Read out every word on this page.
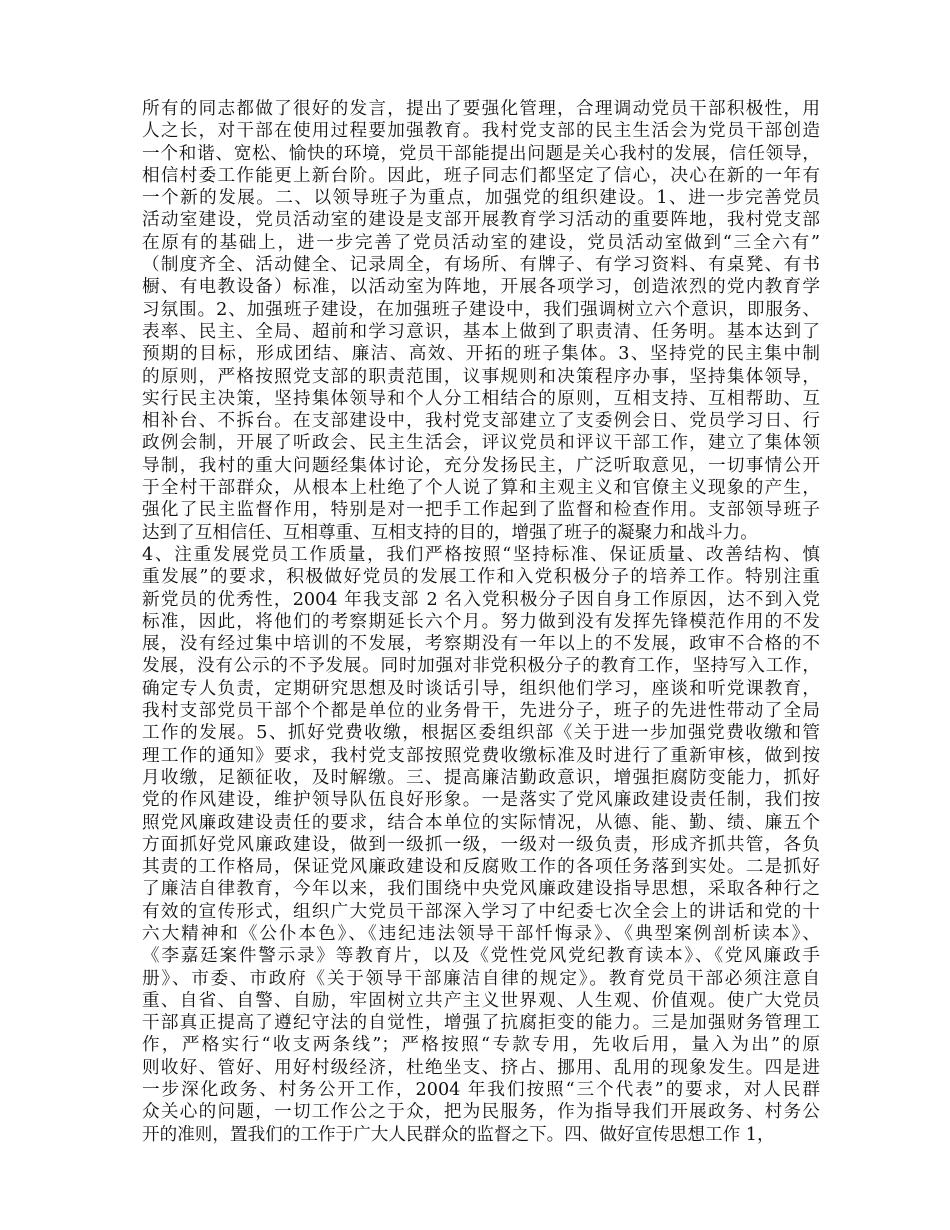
所有的同志都做了很好的发言，提出了要强化管理，合理调动党员干部积极性，用
人之长，对干部在使用过程要加强教育。我村党支部的民主生活会为党员干部创造
一个和谐、宽松、愉快的环境，党员干部能提出问题是关心我村的发展，信任领导，
相信村委工作能更上新台阶。因此，班子同志们都坚定了信心，决心在新的一年有
一个新的发展。二、以领导班子为重点，加强党的组织建设。1、进一步完善党员
活动室建设，党员活动室的建设是支部开展教育学习活动的重要阵地，我村党支部
在原有的基础上，进一步完善了党员活动室的建设，党员活动室做到“三全六有”
（制度齐全、活动健全、记录周全，有场所、有牌子、有学习资料、有桌凳、有书
橱、有电教设备）标准，以活动室为阵地，开展各项学习，创造浓烈的党内教育学
习氛围。2、加强班子建设，在加强班子建设中，我们强调树立六个意识，即服务、
表率、民主、全局、超前和学习意识，基本上做到了职责清、任务明。基本达到了
预期的目标，形成团结、廉洁、高效、开拓的班子集体。3、坚持党的民主集中制
的原则，严格按照党支部的职责范围，议事规则和决策程序办事，坚持集体领导，
实行民主决策，坚持集体领导和个人分工相结合的原则，互相支持、互相帮助、互
相补台、不拆台。在支部建设中，我村党支部建立了支委例会日、党员学习日、行
政例会制，开展了听政会、民主生活会，评议党员和评议干部工作，建立了集体领
导制，我村的重大问题经集体讨论，充分发扬民主，广泛听取意见，一切事情公开
于全村干部群众，从根本上杜绝了个人说了算和主观主义和官僚主义现象的产生，
强化了民主监督作用，特别是对一把手工作起到了监督和检查作用。支部领导班子
达到了互相信任、互相尊重、互相支持的目的，增强了班子的凝聚力和战斗力。
4、注重发展党员工作质量，我们严格按照“坚持标准、保证质量、改善结构、慎
重发展”的要求，积极做好党员的发展工作和入党积极分子的培养工作。特别注重
新党员的优秀性，2004 年我支部 2 名入党积极分子因自身工作原因，达不到入党
标准，因此，将他们的考察期延长六个月。努力做到没有发挥先锋模范作用的不发
展，没有经过集中培训的不发展，考察期没有一年以上的不发展，政审不合格的不
发展，没有公示的不予发展。同时加强对非党积极分子的教育工作，坚持写入工作，
确定专人负责，定期研究思想及时谈话引导，组织他们学习，座谈和听党课教育，
我村支部党员干部个个都是单位的业务骨干，先进分子，班子的先进性带动了全局
工作的发展。5、抓好党费收缴，根据区委组织部《关于进一步加强党费收缴和管
理工作的通知》要求，我村党支部按照党费收缴标准及时进行了重新审核，做到按
月收缴，足额征收，及时解缴。三、提高廉洁勤政意识，增强拒腐防变能力，抓好
党的作风建设，维护领导队伍良好形象。一是落实了党风廉政建设责任制，我们按
照党风廉政建设责任的要求，结合本单位的实际情况，从德、能、勤、绩、廉五个
方面抓好党风廉政建设，做到一级抓一级，一级对一级负责，形成齐抓共管，各负
其责的工作格局，保证党风廉政建设和反腐败工作的各项任务落到实处。二是抓好
了廉洁自律教育，今年以来，我们围绕中央党风廉政建设指导思想，采取各种行之
有效的宣传形式，组织广大党员干部深入学习了中纪委七次全会上的讲话和党的十
六大精神和《公仆本色》、《违纪违法领导干部忏悔录》、《典型案例剖析读本》、
《李嘉廷案件警示录》等教育片，以及《党性党风党纪教育读本》、《党风廉政手
册》、市委、市政府《关于领导干部廉洁自律的规定》。教育党员干部必须注意自
重、自省、自警、自励，牢固树立共产主义世界观、人生观、价值观。使广大党员
干部真正提高了遵纪守法的自觉性，增强了抗腐拒变的能力。三是加强财务管理工
作，严格实行“收支两条线”；严格按照“专款专用，先收后用，量入为出”的原
则收好、管好、用好村级经济，杜绝坐支、挤占、挪用、乱用的现象发生。四是进
一步深化政务、村务公开工作，2004 年我们按照“三个代表”的要求，对人民群
众关心的问题，一切工作公之于众，把为民服务，作为指导我们开展政务、村务公
开的准则，置我们的工作于广大人民群众的监督之下。四、做好宣传思想工作 1，
